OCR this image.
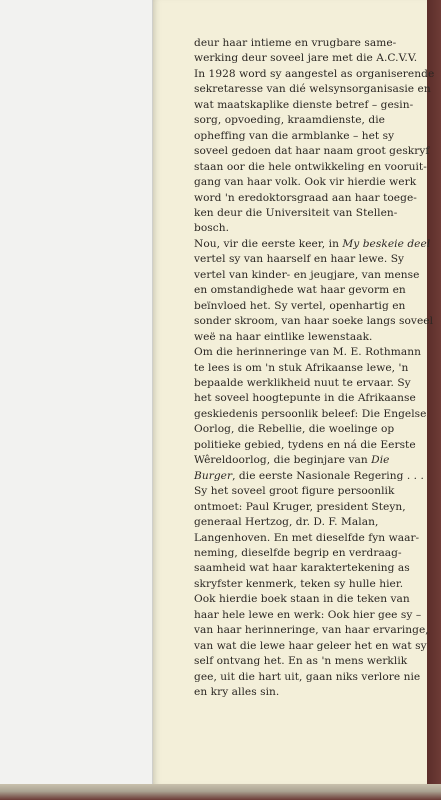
deur haar intieme en vrugbare same-
werking deur soveel jare met die A.C.V.V.
In 1928 word sy aangestel as organiserende
sekretaresse van dié welsynsorganisasie en
wat maatskaplike dienste betref – gesin-
sorg, opvoeding, kraamdienste, die
opheffing van die armblanke – het sy
soveel gedoen dat haar naam groot geskryf
staan oor die hele ontwikkeling en vooruit-
gang van haar volk. Ook vir hierdie werk
word 'n eredoktorsgraad aan haar toege-
ken deur die Universiteit van Stellen-
bosch.
Nou, vir die eerste keer, in My beskeie deel
vertel sy van haarself en haar lewe. Sy
vertel van kinder- en jeugjare, van mense
en omstandighede wat haar gevorm en
beïnvloed het. Sy vertel, openhartig en
sonder skroom, van haar soeke langs soveel
weë na haar eintlike lewenstaak.
Om die herinneringe van M. E. Rothmann
te lees is om 'n stuk Afrikaanse lewe, 'n
bepaalde werklikheid nuut te ervaar. Sy
het soveel hoogtepunte in die Afrikaanse
geskiedenis persoonlik beleef: Die Engelse
Oorlog, die Rebellie, die woelinge op
politieke gebied, tydens en ná die Eerste
Wêreldoorlog, die beginjare van Die
Burger, die eerste Nasionale Regering . . .
Sy het soveel groot figure persoonlik
ontmoet: Paul Kruger, president Steyn,
generaal Hertzog, dr. D. F. Malan,
Langenhoven. En met dieselfde fyn waar-
neming, dieselfde begrip en verdraag-
saamheid wat haar karaktertekening as
skryfster kenmerk, teken sy hulle hier.
Ook hierdie boek staan in die teken van
haar hele lewe en werk: Ook hier gee sy –
van haar herinneringe, van haar ervaringe,
van wat die lewe haar geleer het en wat sy
self ontvang het. En as 'n mens werklik
gee, uit die hart uit, gaan niks verlore nie
en kry alles sin.
